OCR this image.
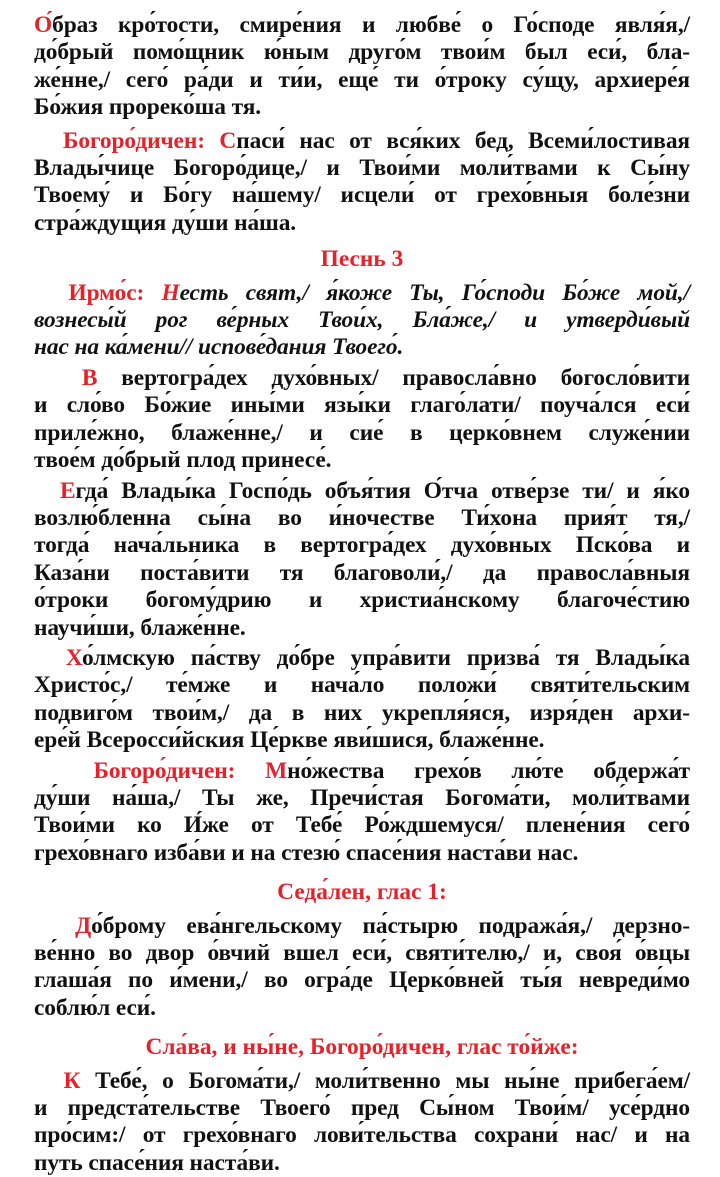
О́браз кро́тости, смире́ния и любве́ о Го́споде явля́я,/
до́брый помо́щник ю́ным друго́м твои́м был еси́, бла-
же́нне,/ сего́ ра́ди и ти́и, еще́ ти о́троку су́щу, архиере́я
Бо́жия прореко́ша тя.
Богоро́дичен: Спаси́ нас от вся́ких бед, Всеми́лостивая
Влады́чице Богоро́дице,/ и Твои́ми моли́твами к Сы́ну
Твоему́ и Бо́гу на́шему/ исцели́ от грехо́вныя боле́зни
стра́ждущия ду́ши на́ша.
Песнь 3
Ирмо́с: Несть свят,/ я́коже Ты, Го́споди Бо́же мой,/
вознесы́й рог ве́рных Твои́х, Бла́же,/ и утверди́вый
нас на ка́мени// испове́дания Твоего́.
В вертогра́дех духо́вных/ правосла́вно богосло́вити
и сло́во Бо́жие ины́ми язы́ки глаго́лати/ поуча́лся еси́
приле́жно, блаже́нне,/ и сие́ в церко́внем служе́нии
твое́м до́брый плод принесе́.
Егда́ Влады́ка Госпо́дь объя́тия О́тча отве́рзе ти/ и я́ко
возлю́бленна сы́на во и́ночестве Ти́хона прия́т тя,/
тогда́ нача́льника в вертогра́дех духо́вных Пско́ва и
Каза́ни поста́вити тя благоволи́,/ да правосла́вныя
о́троки богому́дрию и христиа́нскому благоче́стию
научи́ши, блаже́нне.
Хо́лмскую па́ству до́бре упра́вити призва́ тя Влады́ка
Христо́с,/ те́мже и нача́ло положи́ святи́тельским
подвиго́м твои́м,/ да в них укрепля́яся, изря́ден архи-
ере́й Всеросси́йския Це́ркве яви́шися, блаже́нне.
Богоро́дичен: Мно́жества грехо́в лю́те обдержа́т
ду́ши на́ша,/ Ты же, Пречи́стая Богома́ти, моли́твами
Твои́ми ко И́же от Тебе́ Ро́ждшемуся/ плене́ния сего́
грехо́внаго изба́ви и на стезю́ спасе́ния наста́ви нас.
Седа́лен, глас 1:
До́брому ева́нгельскому па́стырю подража́я,/ дерзно-
ве́нно во двор о́вчий вшел еси́, святи́телю,/ и, своя́ о́вцы
глаша́я по и́мени,/ во огра́де Церко́вней ты́я невреди́мо
соблю́л еси́.
Сла́ва, и ны́не, Богоро́дичен, глас то́йже:
К Тебе́, о Богома́ти,/ моли́твенно мы ны́не прибега́ем/
и предста́тельстве Твоего́ пред Сы́ном Твои́м/ усе́рдно
про́сим:/ от грехо́внаго лови́тельства сохрани́ нас/ и на
путь спасе́ния наста́ви.
